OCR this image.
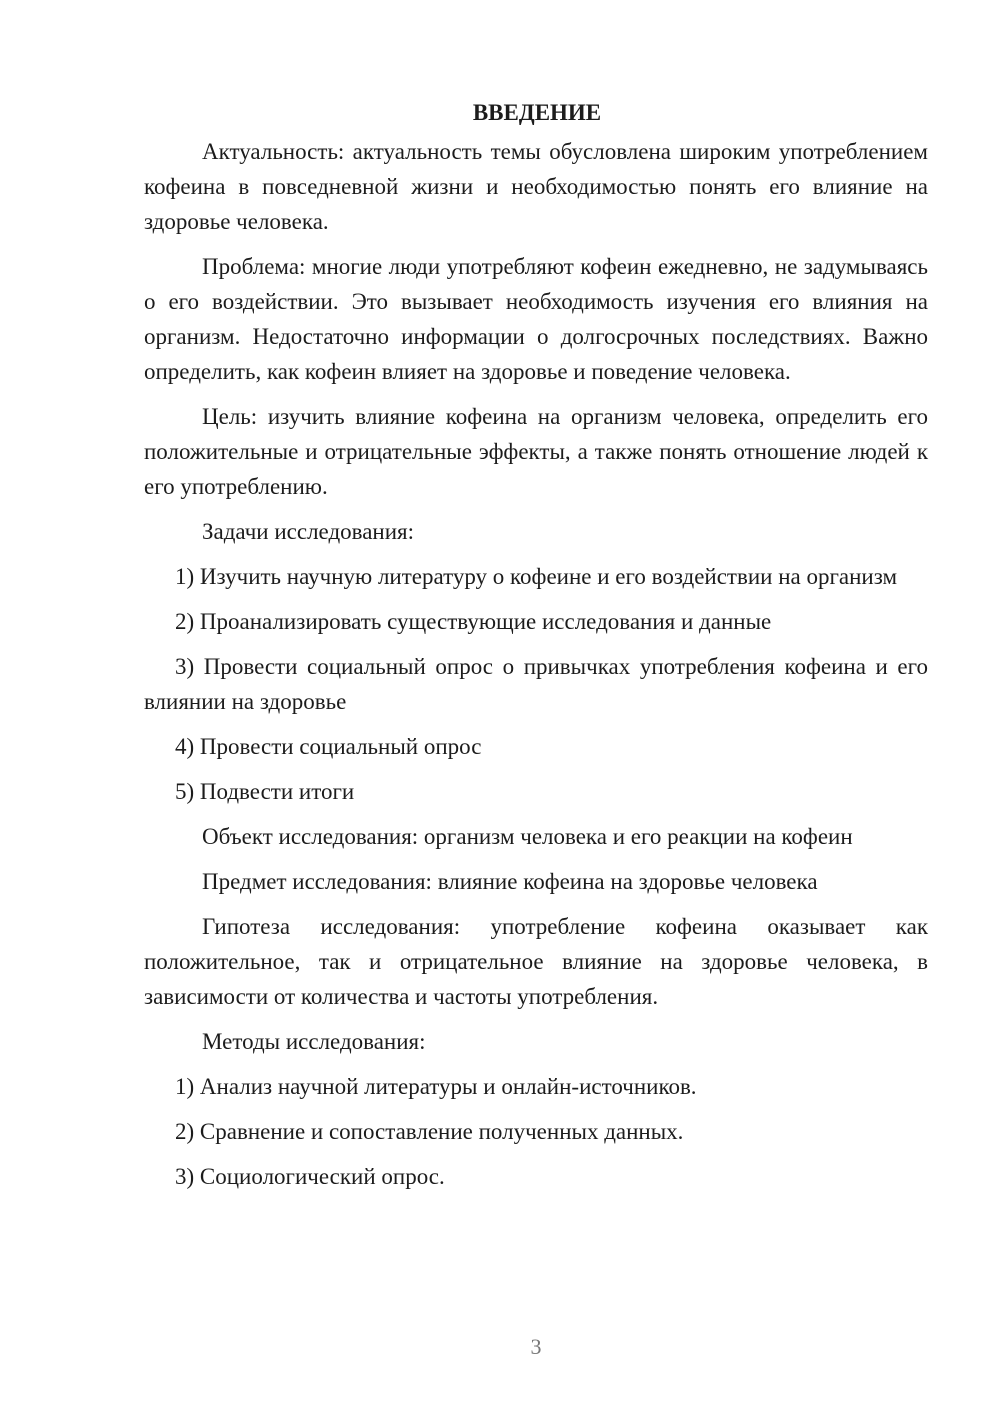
ВВЕДЕНИЕ

Актуальность: актуальность темы обусловлена широким употреблением кофеина в повседневной жизни и необходимостью понять его влияние на здоровье человека.

Проблема: многие люди употребляют кофеин ежедневно, не задумываясь о его воздействии. Это вызывает необходимость изучения его влияния на организм. Недостаточно информации о долгосрочных последствиях. Важно определить, как кофеин влияет на здоровье и поведение человека.

Цель: изучить влияние кофеина на организм человека, определить его положительные и отрицательные эффекты, а также понять отношение людей к его употреблению.

Задачи исследования:

1) Изучить научную литературу о кофеине и его воздействии на организм

2) Проанализировать существующие исследования и данные

3) Провести социальный опрос о привычках употребления кофеина и его влиянии на здоровье

4) Провести социальный опрос

5) Подвести итоги

Объект исследования: организм человека и его реакции на кофеин

Предмет исследования: влияние кофеина на здоровье человека

Гипотеза исследования: употребление кофеина оказывает как положительное, так и отрицательное влияние на здоровье человека, в зависимости от количества и частоты употребления.

Методы исследования:

1) Анализ научной литературы и онлайн-источников.

2) Сравнение и сопоставление полученных данных.

3) Социологический опрос.

3
